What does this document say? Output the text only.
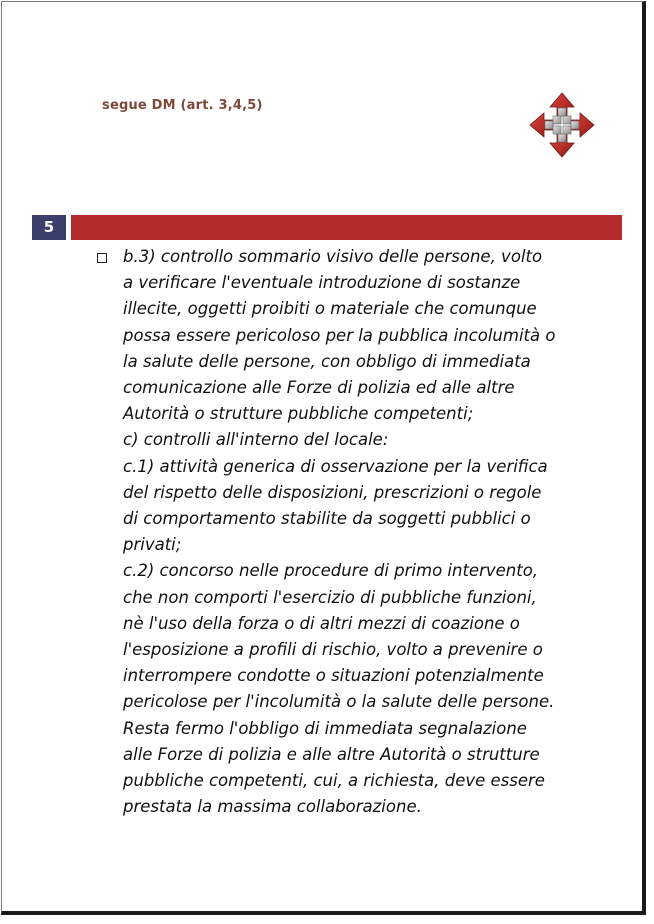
segue DM (art. 3,4,5)
5
b.3) controllo sommario visivo delle persone, volto
a verificare l'eventuale introduzione di sostanze
illecite, oggetti proibiti o materiale che comunque
possa essere pericoloso per la pubblica incolumità o
la salute delle persone, con obbligo di immediata
comunicazione alle Forze di polizia ed alle altre
Autorità o strutture pubbliche competenti;
c) controlli all'interno del locale:
c.1) attività generica di osservazione per la verifica
del rispetto delle disposizioni, prescrizioni o regole
di comportamento stabilite da soggetti pubblici o
privati;
c.2) concorso nelle procedure di primo intervento,
che non comporti l'esercizio di pubbliche funzioni,
nè l'uso della forza o di altri mezzi di coazione o
l'esposizione a profili di rischio, volto a prevenire o
interrompere condotte o situazioni potenzialmente
pericolose per l'incolumità o la salute delle persone.
Resta fermo l'obbligo di immediata segnalazione
alle Forze di polizia e alle altre Autorità o strutture
pubbliche competenti, cui, a richiesta, deve essere
prestata la massima collaborazione.
